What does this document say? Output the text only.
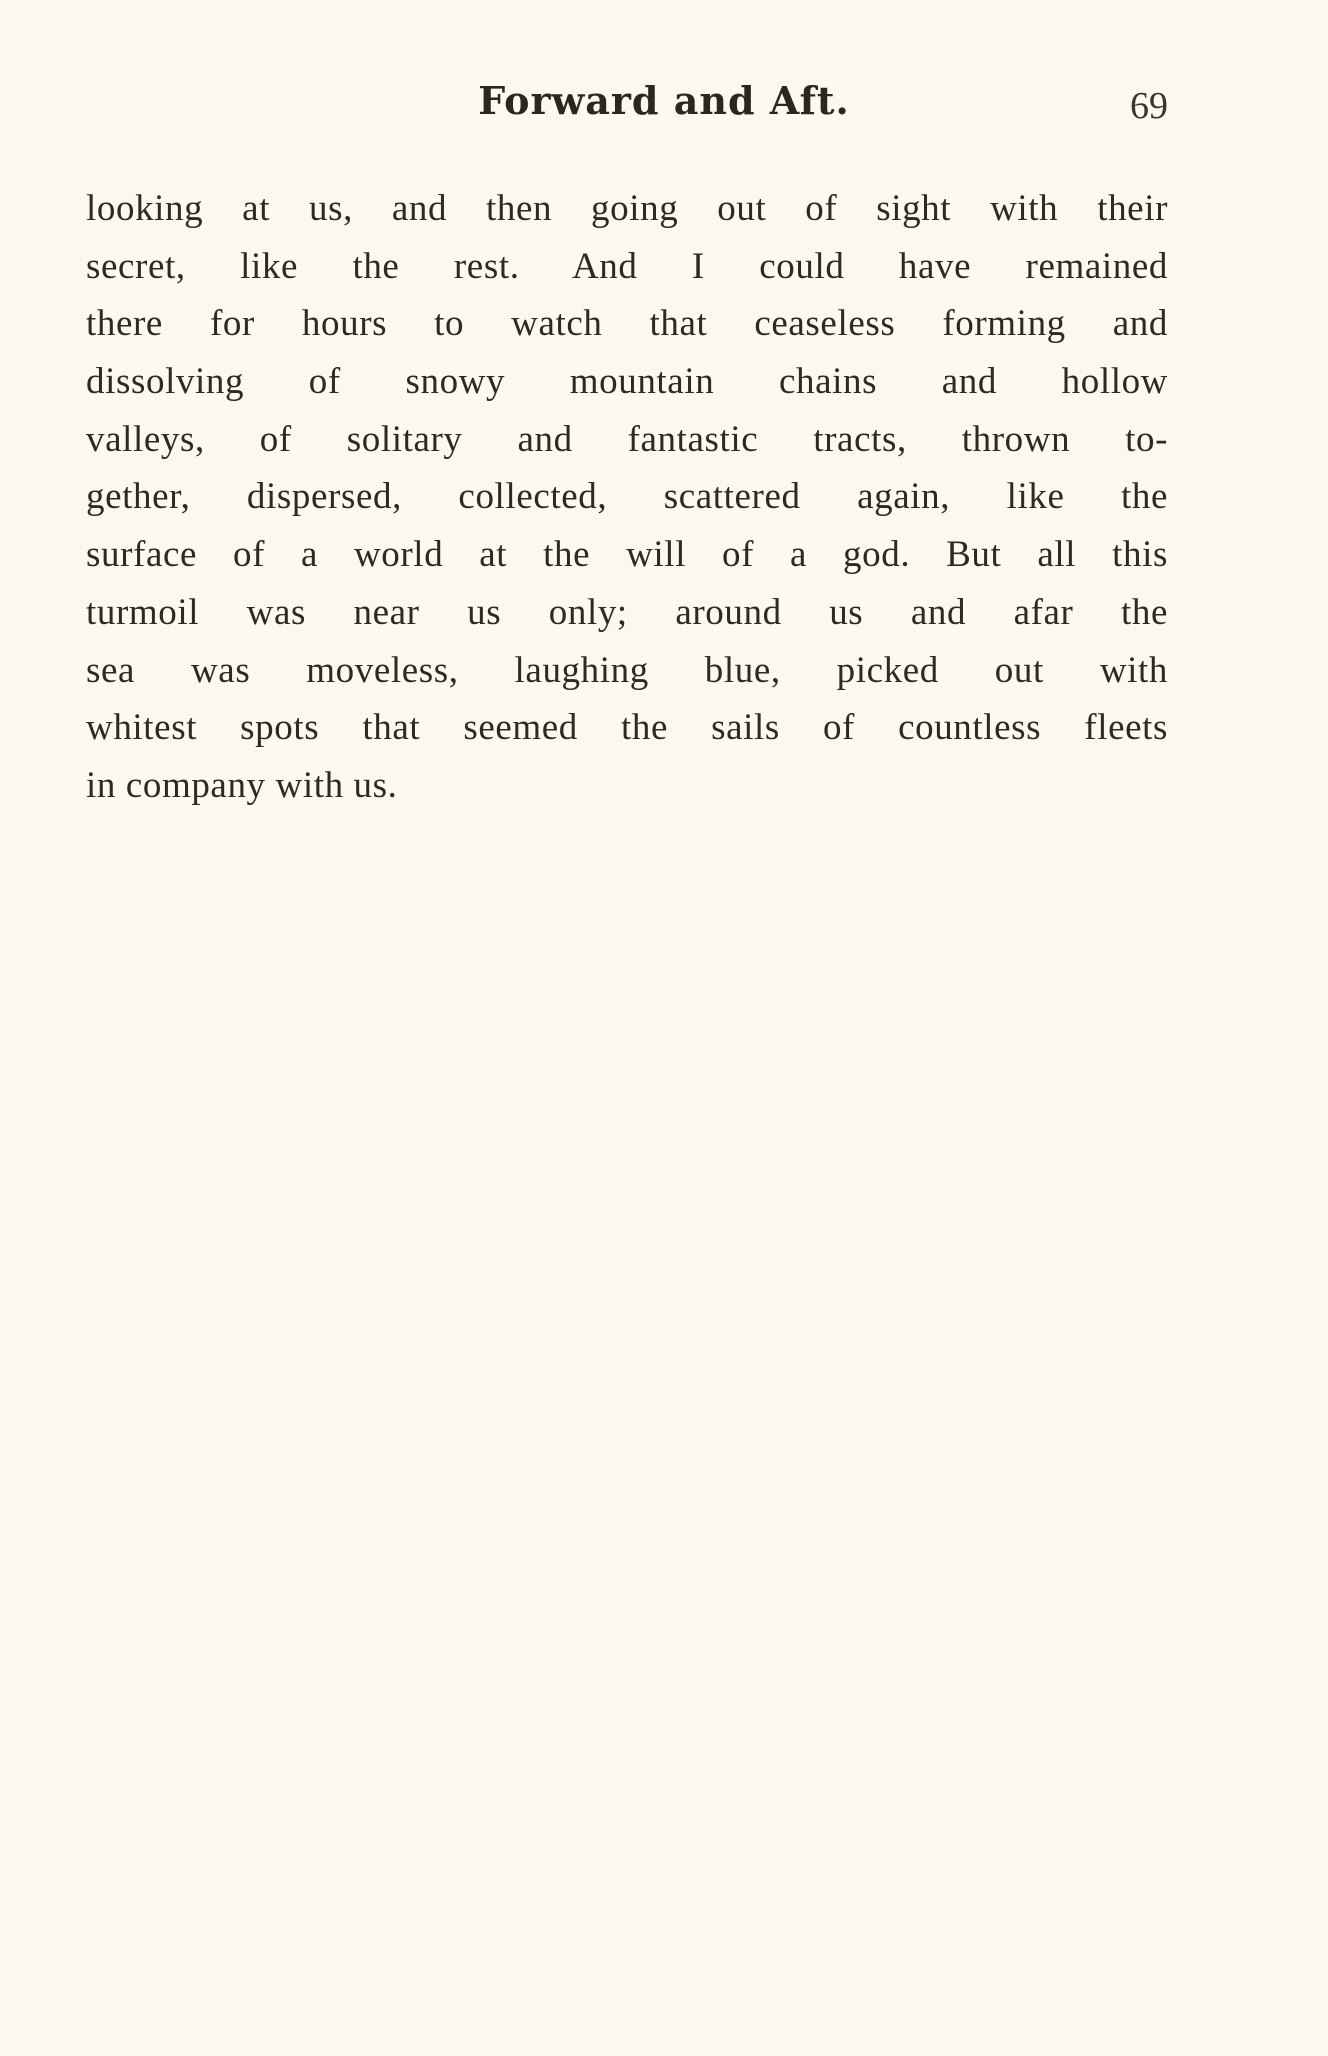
Forward and Aft.	69
looking at us, and then going out of sight with their
secret, like the rest. And I could have remained
there for hours to watch that ceaseless forming and
dissolving of snowy mountain chains and hollow
valleys, of solitary and fantastic tracts, thrown to-
gether, dispersed, collected, scattered again, like the
surface of a world at the will of a god. But all this
turmoil was near us only; around us and afar the
sea was moveless, laughing blue, picked out with
whitest spots that seemed the sails of countless fleets
in company with us.
